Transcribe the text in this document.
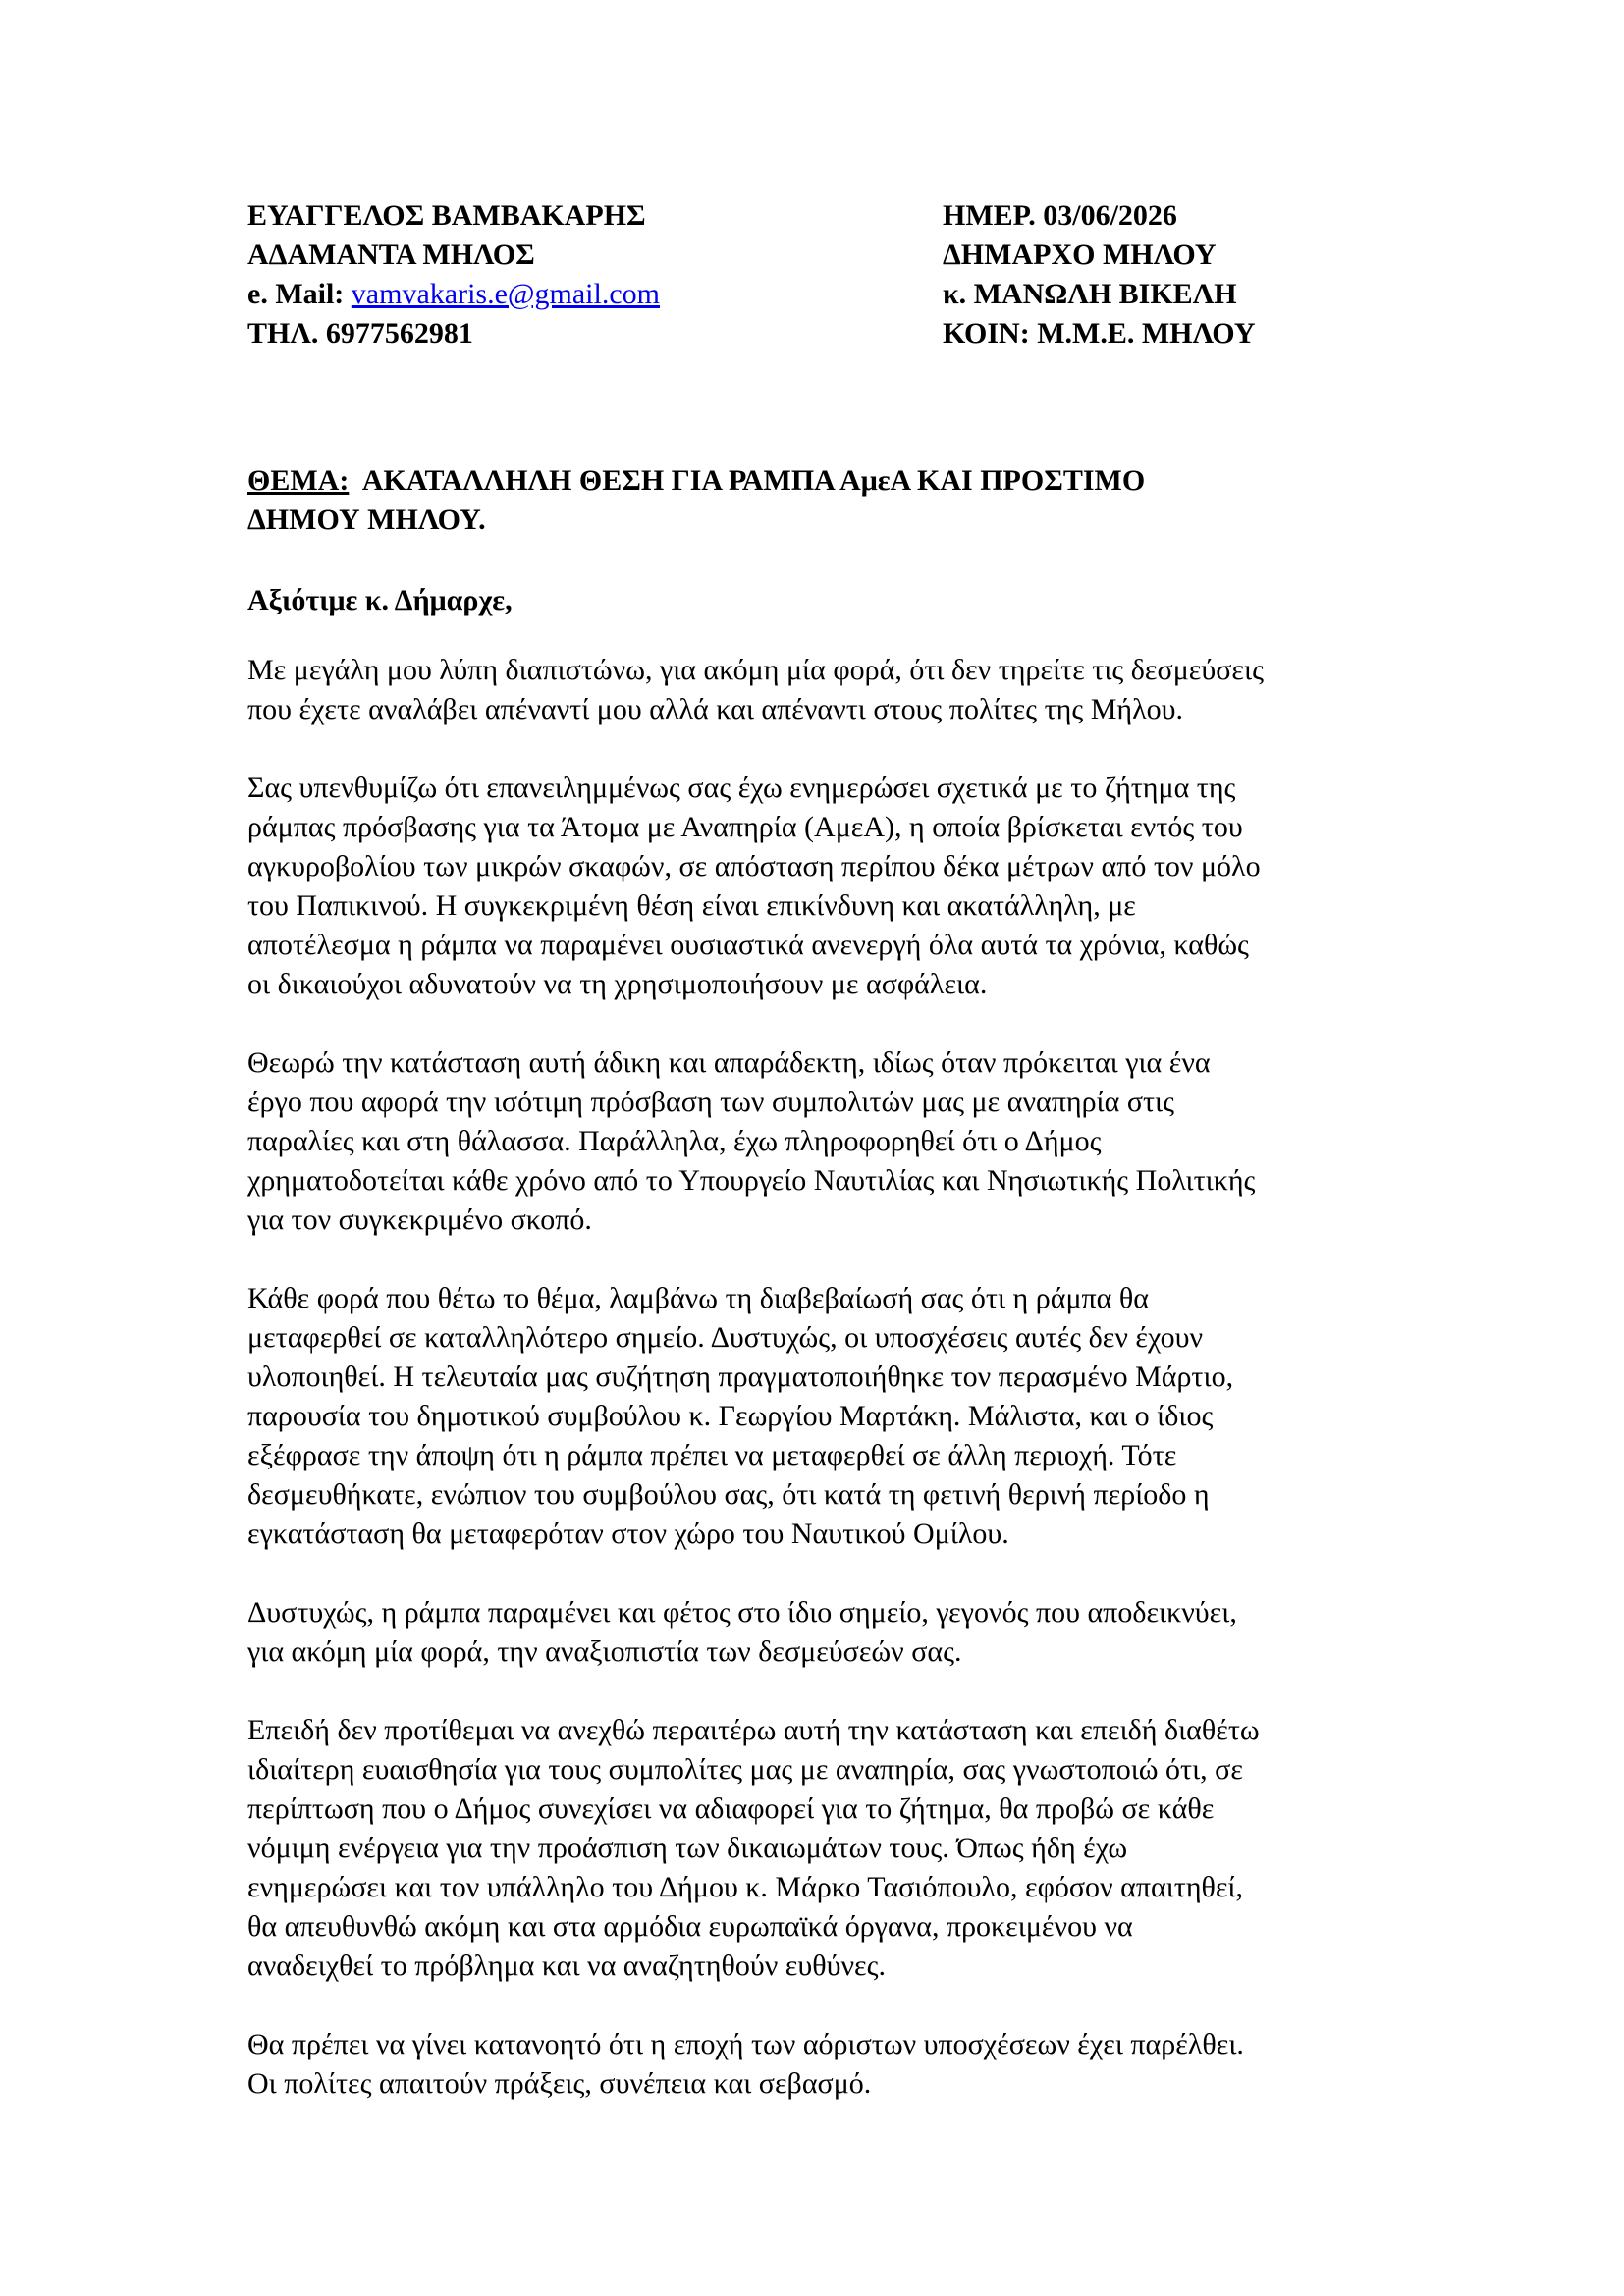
ΕΥΑΓΓΕΛΟΣ ΒΑΜΒΑΚΑΡΗΣ
ΑΔΑΜΑΝΤΑ ΜΗΛΟΣ
e. Mail: vamvakaris.e@gmail.com
ΤΗΛ. 6977562981
ΗΜΕΡ. 03/06/2026
ΔΗΜΑΡΧΟ ΜΗΛΟΥ
κ. ΜΑΝΩΛΗ ΒΙΚΕΛΗ
ΚΟΙΝ: Μ.Μ.Ε. ΜΗΛΟΥ
ΘΕΜΑ: ΑΚΑΤΑΛΛΗΛΗ ΘΕΣΗ ΓΙΑ ΡΑΜΠΑ ΑμεΑ ΚΑΙ ΠΡΟΣΤΙΜΟ
ΔΗΜΟΥ ΜΗΛΟΥ.
Αξιότιμε κ. Δήμαρχε,
Με μεγάλη μου λύπη διαπιστώνω, για ακόμη μία φορά, ότι δεν τηρείτε τις δεσμεύσεις
που έχετε αναλάβει απέναντί μου αλλά και απέναντι στους πολίτες της Μήλου.
Σας υπενθυμίζω ότι επανειλημμένως σας έχω ενημερώσει σχετικά με το ζήτημα της
ράμπας πρόσβασης για τα Άτομα με Αναπηρία (ΑμεΑ), η οποία βρίσκεται εντός του
αγκυροβολίου των μικρών σκαφών, σε απόσταση περίπου δέκα μέτρων από τον μόλο
του Παπικινού. Η συγκεκριμένη θέση είναι επικίνδυνη και ακατάλληλη, με
αποτέλεσμα η ράμπα να παραμένει ουσιαστικά ανενεργή όλα αυτά τα χρόνια, καθώς
οι δικαιούχοι αδυνατούν να τη χρησιμοποιήσουν με ασφάλεια.
Θεωρώ την κατάσταση αυτή άδικη και απαράδεκτη, ιδίως όταν πρόκειται για ένα
έργο που αφορά την ισότιμη πρόσβαση των συμπολιτών μας με αναπηρία στις
παραλίες και στη θάλασσα. Παράλληλα, έχω πληροφορηθεί ότι ο Δήμος
χρηματοδοτείται κάθε χρόνο από το Υπουργείο Ναυτιλίας και Νησιωτικής Πολιτικής
για τον συγκεκριμένο σκοπό.
Κάθε φορά που θέτω το θέμα, λαμβάνω τη διαβεβαίωσή σας ότι η ράμπα θα
μεταφερθεί σε καταλληλότερο σημείο. Δυστυχώς, οι υποσχέσεις αυτές δεν έχουν
υλοποιηθεί. Η τελευταία μας συζήτηση πραγματοποιήθηκε τον περασμένο Μάρτιο,
παρουσία του δημοτικού συμβούλου κ. Γεωργίου Μαρτάκη. Μάλιστα, και ο ίδιος
εξέφρασε την άποψη ότι η ράμπα πρέπει να μεταφερθεί σε άλλη περιοχή. Τότε
δεσμευθήκατε, ενώπιον του συμβούλου σας, ότι κατά τη φετινή θερινή περίοδο η
εγκατάσταση θα μεταφερόταν στον χώρο του Ναυτικού Ομίλου.
Δυστυχώς, η ράμπα παραμένει και φέτος στο ίδιο σημείο, γεγονός που αποδεικνύει,
για ακόμη μία φορά, την αναξιοπιστία των δεσμεύσεών σας.
Επειδή δεν προτίθεμαι να ανεχθώ περαιτέρω αυτή την κατάσταση και επειδή διαθέτω
ιδιαίτερη ευαισθησία για τους συμπολίτες μας με αναπηρία, σας γνωστοποιώ ότι, σε
περίπτωση που ο Δήμος συνεχίσει να αδιαφορεί για το ζήτημα, θα προβώ σε κάθε
νόμιμη ενέργεια για την προάσπιση των δικαιωμάτων τους. Όπως ήδη έχω
ενημερώσει και τον υπάλληλο του Δήμου κ. Μάρκο Τασιόπουλο, εφόσον απαιτηθεί,
θα απευθυνθώ ακόμη και στα αρμόδια ευρωπαϊκά όργανα, προκειμένου να
αναδειχθεί το πρόβλημα και να αναζητηθούν ευθύνες.
Θα πρέπει να γίνει κατανοητό ότι η εποχή των αόριστων υποσχέσεων έχει παρέλθει.
Οι πολίτες απαιτούν πράξεις, συνέπεια και σεβασμό.
